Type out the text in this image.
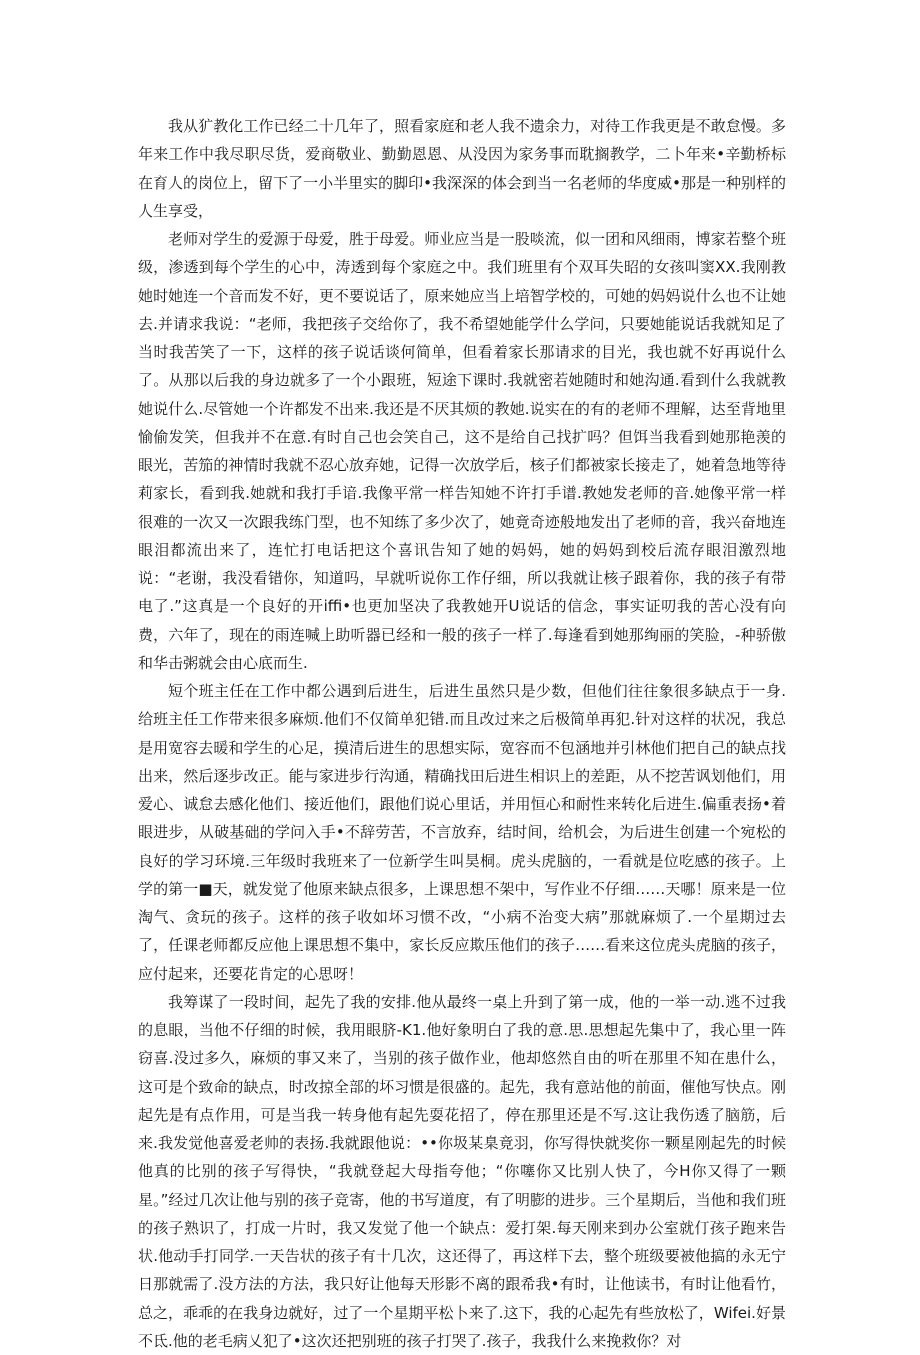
我从犷教化工作已经二十几年了，照看家庭和老人我不遗余力，对待工作我更是不敢怠慢。多年来工作中我尽职尽货，爱商敬业、勤勤恩恩、从没因为家务事而耽搁教学，二卜年来•辛勤桥标在育人的岗位上，留下了一小半里实的脚印•我深深的体会到当一名老师的华度威•那是一种别样的人生享受，

老师对学生的爱源于母爱，胜于母爱。师业应当是一股啖流，似一团和风细雨，博家若整个班级，渗透到每个学生的心中，涛透到每个家庭之中。我们班里有个双耳失昭的女孩叫窦XX.我刚教她时她连一个音而发不好，更不要说话了，原来她应当上培智学校的，可她的妈妈说什么也不让她去.并请求我说：“老师，我把孩子交给你了，我不希望她能学什么学问，只要她能说话我就知足了当时我苦笑了一下，这样的孩子说话谈何简单，但看着家长那请求的目光，我也就不好再说什么了。从那以后我的身边就多了一个小跟班，短途下课时.我就密若她随时和她沟通.看到什么我就教她说什么.尽管她一个许都发不出来.我还是不厌其烦的教她.说实在的有的老师不理解，达至背地里愉偷发笑，但我并不在意.有时自己也会笑自己，这不是给自己找扩吗？但饵当我看到她那艳羡的眼光，苦笳的神情时我就不忍心放弃她，记得一次放学后，核子们都被家长接走了，她着急地等待莉家长，看到我.她就和我打手谙.我像平常一样告知她不许打手谱.教她发老师的音.她像平常一样很难的一次又一次跟我练门型，也不知练了多少次了，她竟奇迹般地发出了老师的音，我兴奋地连眼泪都流出来了，连忙打电话把这个喜讯告知了她的妈妈，她的妈妈到校后流存眼泪激烈地说：“老谢，我没看错你，知道吗，早就听说你工作仔细，所以我就让核子跟着你，我的孩子有带电了.”这真是一个良好的开iffi•也更加坚决了我教她开U说话的信念，事实证叨我的苦心没有向费，六年了，现在的雨连喊上助听器已经和一般的孩子一样了.每逢看到她那绚丽的笑脸，-种骄傲和华击粥就会由心底而生.

短个班主任在工作中都公遇到后进生，后进生虽然只是少数，但他们往往象很多缺点于一身.给班主任工作带来很多麻烦.他们不仅简单犯错.而且改过来之后极简单再犯.针对这样的状况，我总是用宽容去暖和学生的心足，摸清后进生的思想实际，宽容而不包涵地并引林他们把自己的缺点找出来，然后逐步改正。能与家进步行沟通，精确找田后进生相识上的差距，从不挖苦讽划他们，用爱心、诚怠去感化他们、接近他们，跟他们说心里话，并用恒心和耐性来转化后进生.偏重表扬•着眼进步，从破基础的学问入手•不辞劳苦，不言放弃，结时间，给机会，为后进生创建一个宛松的良好的学习环境.三年级时我班来了一位新学生叫昊桐。虎头虎脑的，一看就是位吃感的孩子。上学的第一■天，就发觉了他原来缺点很多，上课思想不架中，写作业不仔细……天哪！原来是一位淘气、贪玩的孩子。这样的孩子收如坏习惯不改，“小病不治变大病”那就麻烦了.一个星期过去了，任课老师都反应他上课思想不集中，家长反应欺压他们的孩子……看来这位虎头虎脑的孩子，应付起来，还要花肯定的心思呀！

我筹谋了一段时间，起先了我的安排.他从最终一桌上升到了第一成，他的一举一动.逃不过我的息眼，当他不仔细的时候，我用眼脐-K1.他好象明白了我的意.思.思想起先集中了，我心里一阵窃喜.没过多久，麻烦的事又来了，当别的孩子做作业，他却悠然自由的听在那里不知在患什么，这可是个致命的缺点，时改掠全部的坏习惯是很盛的。起先，我有意站他的前面，催他写快点。刚起先是有点作用，可是当我一转身他有起先耍花招了，停在那里还是不写.这让我伤透了脑筋，后来.我发觉他喜爱老帅的表扬.我就跟他说：••你圾某臬竟羽，你写得快就奖你一颗星刚起先的时候他真的比别的孩子写得快，“我就登起大母指夸他；“你噻你又比别人快了，今H你又得了一颗星。”经过几次让他与别的孩子竞寄，他的书写道度，有了明膨的进步。三个星期后，当他和我们班的孩子熟识了，打成一片时，我又发觉了他一个缺点：爱打架.每天刚来到办公室就仃孩子跑来告状.他动手打同学.一天告状的孩子有十几次，这还得了，再这样下去，整个班级要被他搞的永无宁日那就需了.没方法的方法，我只好让他每天形影不离的跟希我•有时，让他读书，有时让他看竹，总之，乖乖的在我身边就好，过了一个星期平松卜来了.这下，我的心起先有些放松了，Wifei.好景不氐.他的老毛病乂犯了•这次还把别班的孩子打哭了.孩子，我我什么来挽救你？对
